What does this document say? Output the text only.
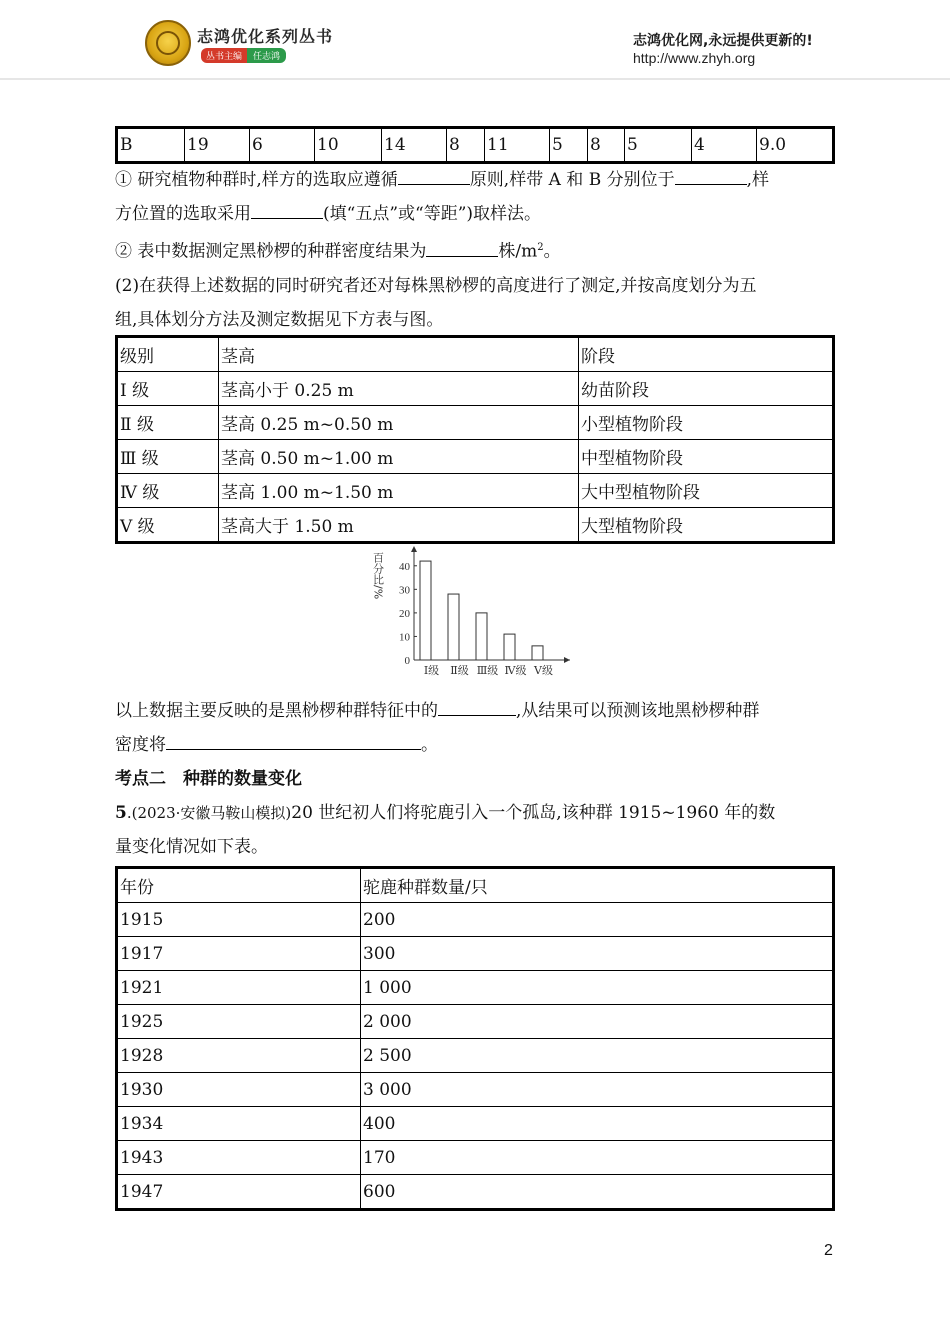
志鸿优化系列丛书
丛书主编 任志鸿
志鸿优化网,永远提供更新的!
http://www.zhyh.org
B	19	6	10	14	8	11	5	8	5	4	9.0
① 研究植物种群时,样方的选取应遵循	原则,样带 A 和 B 分别位于	,样
方位置的选取采用	(填“五点”或“等距”)取样法。
② 表中数据测定黑桫椤的种群密度结果为	株$/m^2$。
(2)在获得上述数据的同时研究者还对每株黑桫椤的高度进行了测定,并按高度划分为五
组,具体划分方法及测定数据见下方表与图。
级别	茎高	阶段
Ⅰ 级	茎高小于 0.25 m	幼苗阶段
Ⅱ 级	茎高 0.25 m~0.50 m	小型植物阶段
Ⅲ 级	茎高 0.50 m~1.00 m	中型植物阶段
Ⅳ 级	茎高 1.00 m~1.50 m	大中型植物阶段
Ⅴ 级	茎高大于 1.50 m	大型植物阶段
百分比/%
0
10
20
30
40
Ⅰ级 Ⅱ级 Ⅲ级 Ⅳ级 Ⅴ级
以上数据主要反映的是黑桫椤种群特征中的	,从结果可以预测该地黑桫椤种群
密度将	。
考点二　种群的数量变化
5.(2023·安徽马鞍山模拟)20 世纪初人们将驼鹿引入一个孤岛,该种群 1915~1960 年的数
量变化情况如下表。
年份	驼鹿种群数量/只
1915	200
1917	300
1921	1 000
1925	2 000
1928	2 500
1930	3 000
1934	400
1943	170
1947	600
2
